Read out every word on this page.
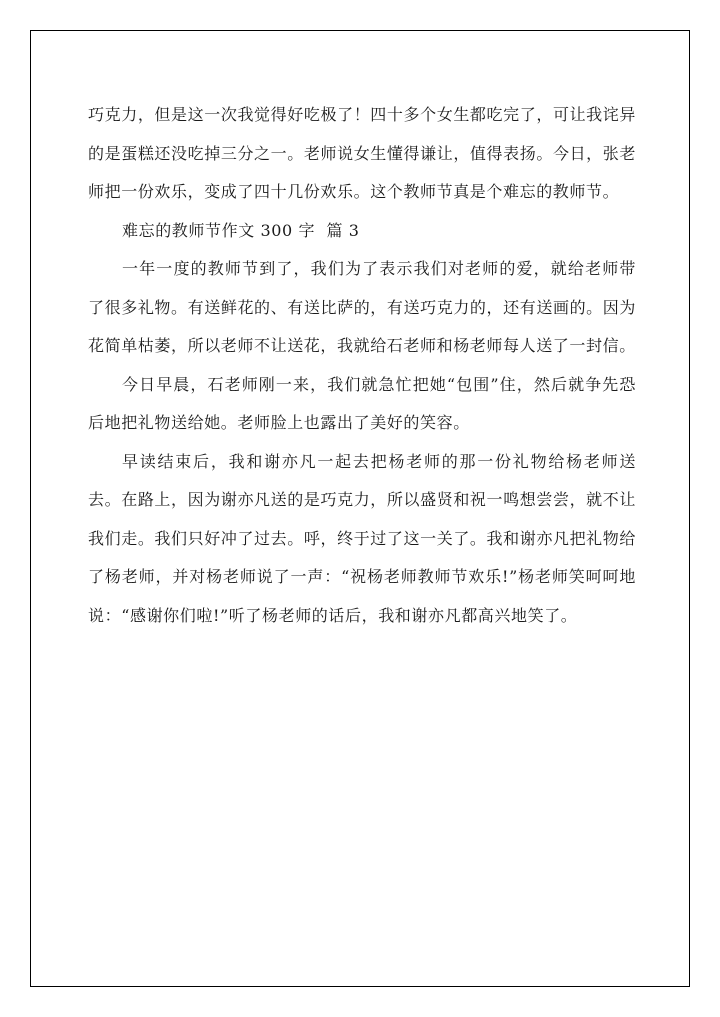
巧克力，但是这一次我觉得好吃极了！四十多个女生都吃完了，可让我诧异的是蛋糕还没吃掉三分之一。老师说女生懂得谦让，值得表扬。今日，张老师把一份欢乐，变成了四十几份欢乐。这个教师节真是个难忘的教师节。

难忘的教师节作文 300 字  篇 3

一年一度的教师节到了，我们为了表示我们对老师的爱，就给老师带了很多礼物。有送鲜花的、有送比萨的，有送巧克力的，还有送画的。因为花简单枯萎，所以老师不让送花，我就给石老师和杨老师每人送了一封信。

今日早晨，石老师刚一来，我们就急忙把她“包围”住，然后就争先恐后地把礼物送给她。老师脸上也露出了美好的笑容。

早读结束后，我和谢亦凡一起去把杨老师的那一份礼物给杨老师送去。在路上，因为谢亦凡送的是巧克力，所以盛贤和祝一鸣想尝尝，就不让我们走。我们只好冲了过去。呼，终于过了这一关了。我和谢亦凡把礼物给了杨老师，并对杨老师说了一声：“祝杨老师教师节欢乐!”杨老师笑呵呵地说：“感谢你们啦!”听了杨老师的话后，我和谢亦凡都高兴地笑了。
